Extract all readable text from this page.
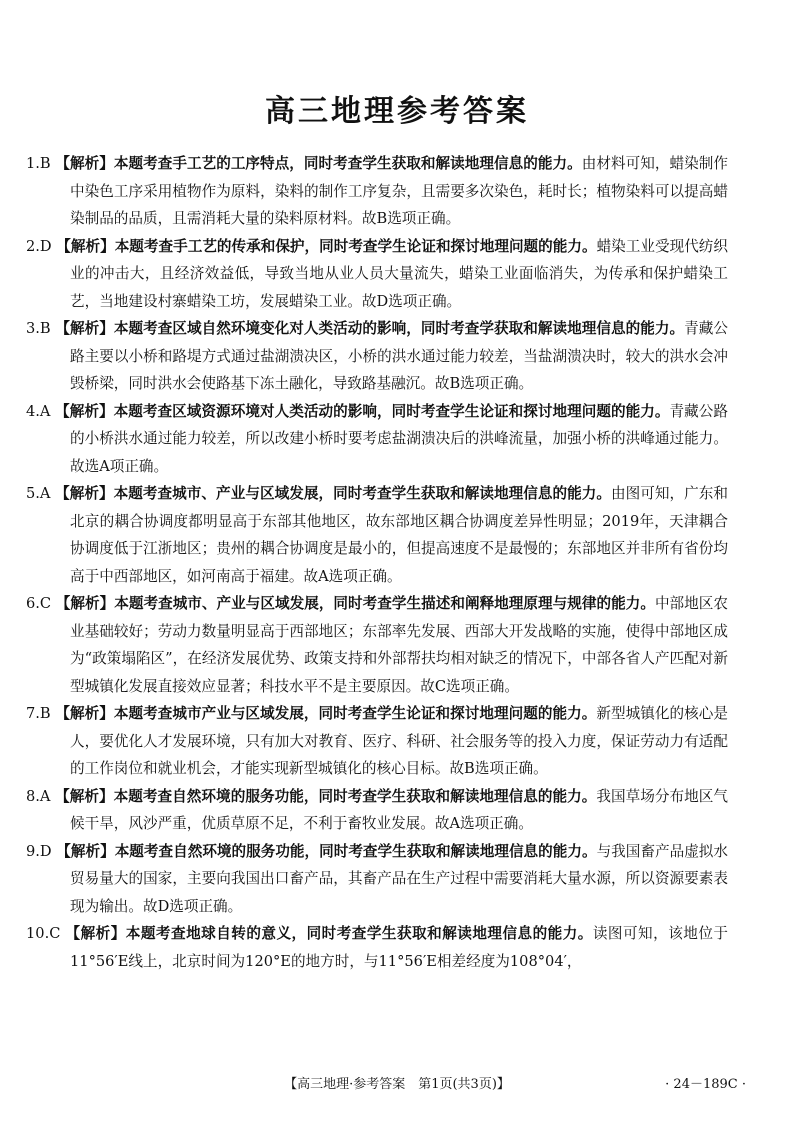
高三地理参考答案

1.B 【解析】本题考查手工艺的工序特点，同时考查学生获取和解读地理信息的能力。由材料可知，蜡染制作中染色工序采用植物作为原料，染料的制作工序复杂，且需要多次染色，耗时长；植物染料可以提高蜡染制品的品质，且需消耗大量的染料原材料。故B选项正确。

2.D 【解析】本题考查手工艺的传承和保护，同时考查学生论证和探讨地理问题的能力。蜡染工业受现代纺织业的冲击大，且经济效益低，导致当地从业人员大量流失，蜡染工业面临消失，为传承和保护蜡染工艺，当地建设村寨蜡染工坊，发展蜡染工业。故D选项正确。

3.B 【解析】本题考查区域自然环境变化对人类活动的影响，同时考查学获取和解读地理信息的能力。青藏公路主要以小桥和路堤方式通过盐湖溃决区，小桥的洪水通过能力较差，当盐湖溃决时，较大的洪水会冲毁桥梁，同时洪水会使路基下冻土融化，导致路基融沉。故B选项正确。

4.A 【解析】本题考查区域资源环境对人类活动的影响，同时考查学生论证和探讨地理问题的能力。青藏公路的小桥洪水通过能力较差，所以改建小桥时要考虑盐湖溃决后的洪峰流量，加强小桥的洪峰通过能力。故选A项正确。

5.A 【解析】本题考查城市、产业与区域发展，同时考查学生获取和解读地理信息的能力。由图可知，广东和北京的耦合协调度都明显高于东部其他地区，故东部地区耦合协调度差异性明显；2019年，天津耦合协调度低于江浙地区；贵州的耦合协调度是最小的，但提高速度不是最慢的；东部地区并非所有省份均高于中西部地区，如河南高于福建。故A选项正确。

6.C 【解析】本题考查城市、产业与区域发展，同时考查学生描述和阐释地理原理与规律的能力。中部地区农业基础较好；劳动力数量明显高于西部地区；东部率先发展、西部大开发战略的实施，使得中部地区成为“政策塌陷区”，在经济发展优势、政策支持和外部帮扶均相对缺乏的情况下，中部各省人产匹配对新型城镇化发展直接效应显著；科技水平不是主要原因。故C选项正确。

7.B 【解析】本题考查城市产业与区域发展，同时考查学生论证和探讨地理问题的能力。新型城镇化的核心是人，要优化人才发展环境，只有加大对教育、医疗、科研、社会服务等的投入力度，保证劳动力有适配的工作岗位和就业机会，才能实现新型城镇化的核心目标。故B选项正确。

8.A 【解析】本题考查自然环境的服务功能，同时考查学生获取和解读地理信息的能力。我国草场分布地区气候干旱，风沙严重，优质草原不足，不利于畜牧业发展。故A选项正确。

9.D 【解析】本题考查自然环境的服务功能，同时考查学生获取和解读地理信息的能力。与我国畜产品虚拟水贸易量大的国家，主要向我国出口畜产品，其畜产品在生产过程中需要消耗大量水源，所以资源要素表现为输出。故D选项正确。

10.C 【解析】本题考查地球自转的意义，同时考查学生获取和解读地理信息的能力。读图可知，该地位于11°56′E线上，北京时间为120°E的地方时，与11°56′E相差经度为108°04′，

【高三地理·参考答案　第1页(共3页)】	· 24－189C ·
